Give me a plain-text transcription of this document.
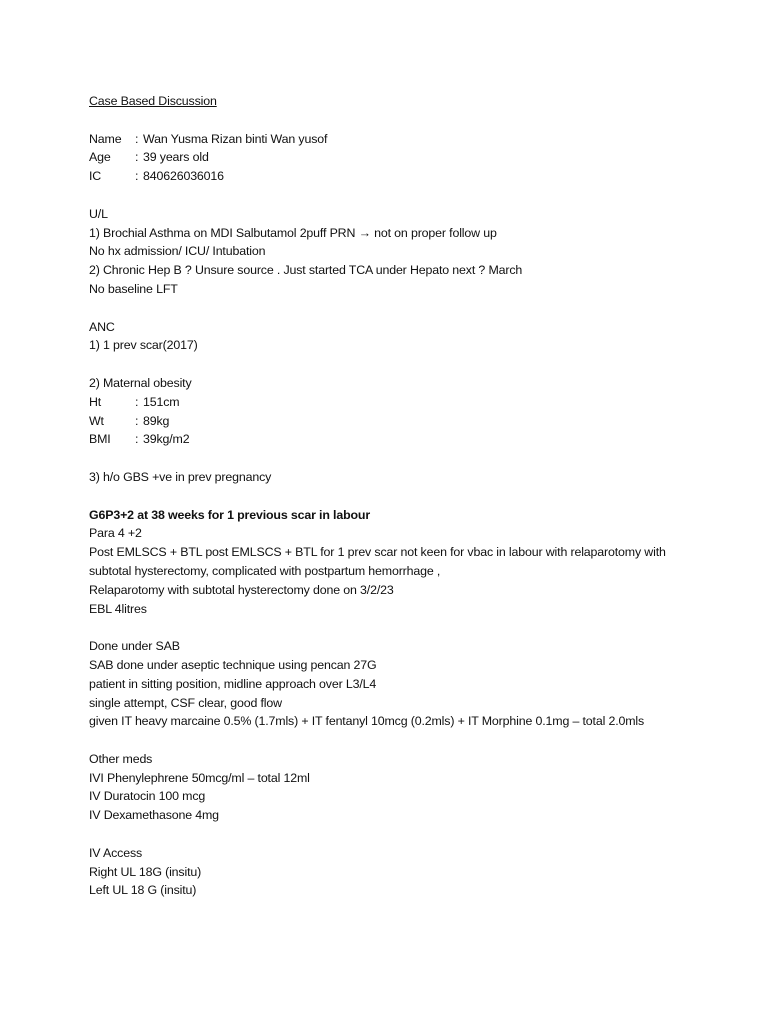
Case Based Discussion
Name	: Wan Yusma Rizan binti Wan yusof
Age	: 39 years old
IC	: 840626036016
U/L
1) Brochial Asthma on MDI Salbutamol 2puff PRN → not on proper follow up
No hx admission/ ICU/ Intubation
2) Chronic Hep B ? Unsure source . Just started TCA under Hepato next ? March
No baseline LFT
ANC
1) 1 prev scar(2017)
2) Maternal obesity
Ht	: 151cm
Wt	: 89kg
BMI	: 39kg/m2
3) h/o GBS +ve in prev pregnancy
G6P3+2 at 38 weeks for 1 previous scar in labour
Para 4 +2
Post EMLSCS + BTL post EMLSCS + BTL for 1 prev scar not keen for vbac in labour with relaparotomy with
subtotal hysterectomy, complicated with postpartum hemorrhage ,
Relaparotomy with subtotal hysterectomy done on 3/2/23
EBL 4litres
Done under SAB
SAB done under aseptic technique using pencan 27G
patient in sitting position, midline approach over L3/L4
single attempt, CSF clear, good flow
given IT heavy marcaine 0.5% (1.7mls) + IT fentanyl 10mcg (0.2mls) + IT Morphine 0.1mg – total 2.0mls
Other meds
IVI Phenylephrene 50mcg/ml – total 12ml
IV Duratocin 100 mcg
IV Dexamethasone 4mg
IV Access
Right UL 18G (insitu)
Left UL 18 G (insitu)
